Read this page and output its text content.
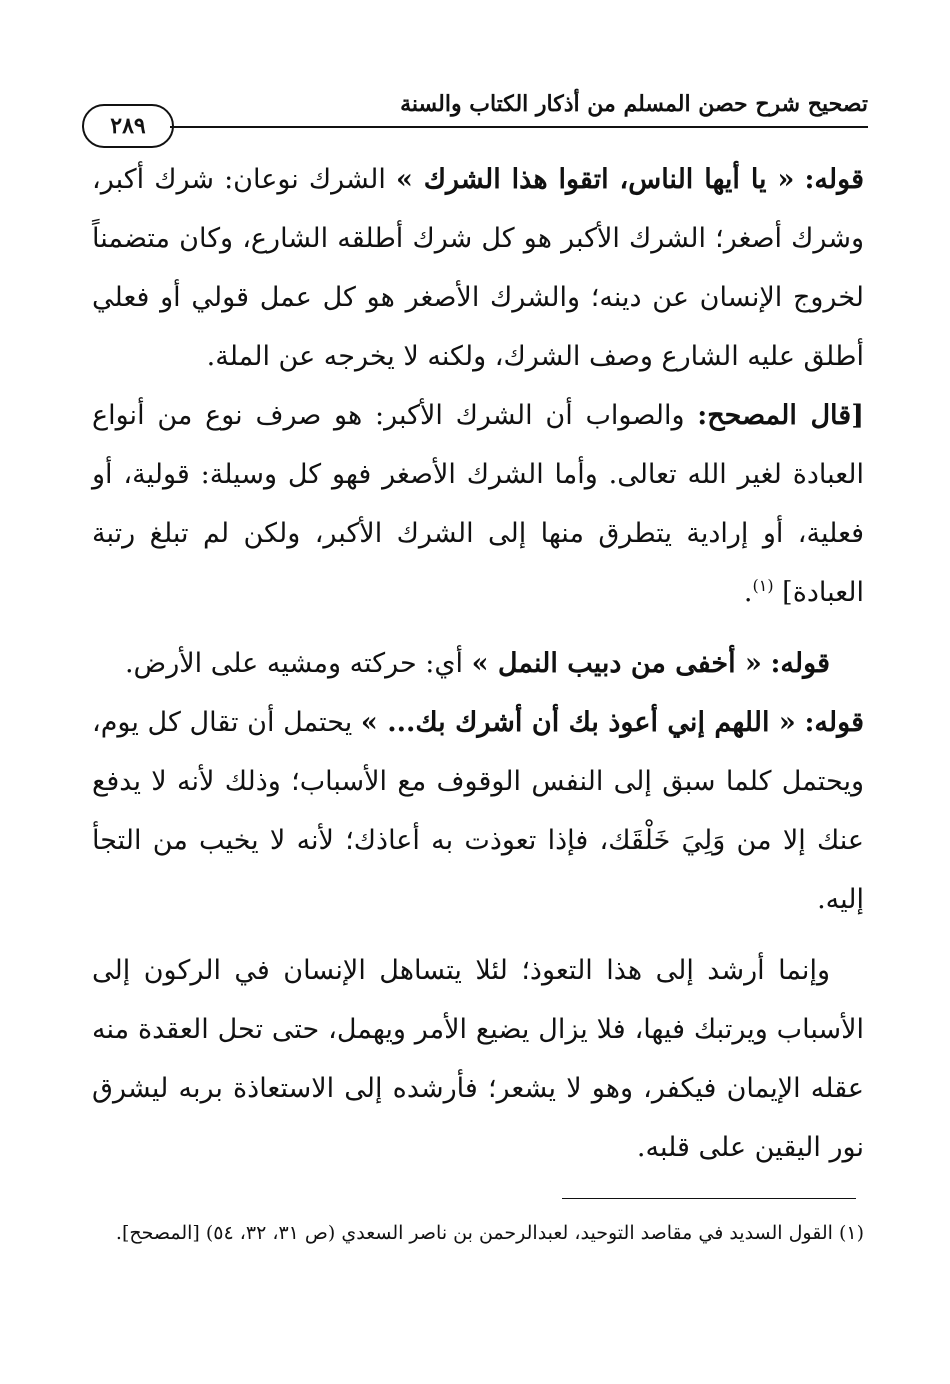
تصحيح شرح حصن المسلم من أذكار الكتاب والسنة
٢٨٩

قوله: « يا أيها الناس، اتقوا هذا الشرك » الشرك نوعان: شرك أكبر، وشرك أصغر؛ الشرك الأكبر هو كل شرك أطلقه الشارع، وكان متضمناً لخروج الإنسان عن دينه؛ والشرك الأصغر هو كل عمل قولي أو فعلي أطلق عليه الشارع وصف الشرك، ولكنه لا يخرجه عن الملة.

[قال المصحح: والصواب أن الشرك الأكبر: هو صرف نوع من أنواع العبادة لغير الله تعالى. وأما الشرك الأصغر فهو كل وسيلة: قولية، أو فعلية، أو إرادية يتطرق منها إلى الشرك الأكبر، ولكن لم تبلغ رتبة العبادة] $^{(١)}$.

قوله: « أخفى من دبيب النمل » أي: حركته ومشيه على الأرض.

قوله: « اللهم إني أعوذ بك أن أشرك بك... » يحتمل أن تقال كل يوم، ويحتمل كلما سبق إلى النفس الوقوف مع الأسباب؛ وذلك لأنه لا يدفع عنك إلا من وَلِيَ خَلْقَك، فإذا تعوذت به أعاذك؛ لأنه لا يخيب من التجأ إليه.

وإنما أرشد إلى هذا التعوذ؛ لئلا يتساهل الإنسان في الركون إلى الأسباب ويرتبك فيها، فلا يزال يضيع الأمر ويهمل، حتى تحل العقدة منه عقله الإيمان فيكفر، وهو لا يشعر؛ فأرشده إلى الاستعاذة بربه ليشرق نور اليقين على قلبه.

(١) القول السديد في مقاصد التوحيد، لعبدالرحمن بن ناصر السعدي (ص ٣١، ٣٢، ٥٤) [المصحح].
